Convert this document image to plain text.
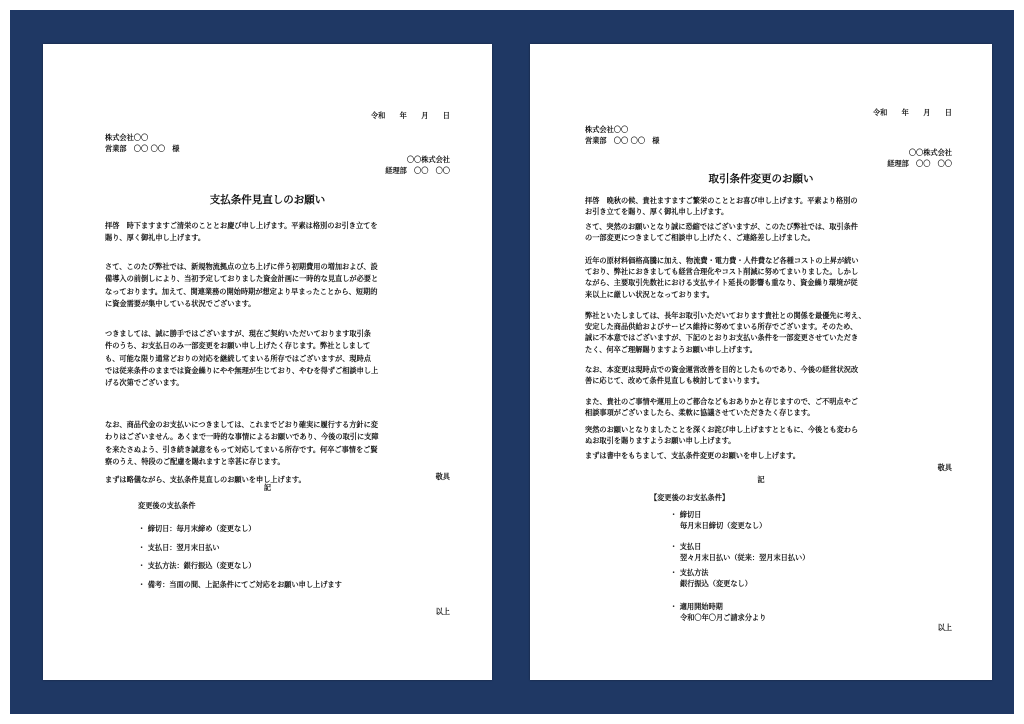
令和　　年　　月　　日

株式会社〇〇

営業部　〇〇 〇〇　様

〇〇株式会社

経理部　〇〇　〇〇

支払条件見直しのお願い

拝啓　時下ますますご清栄のこととお慶び申し上げます。平素は格別のお引き立てを
賜り、厚く御礼申し上げます。
さて、このたび弊社では、新規物流拠点の立ち上げに伴う初期費用の増加および、設
備導入の前倒しにより、当初予定しておりました資金計画に一時的な見直しが必要と
なっております。加えて、関連業務の開始時期が想定より早まったことから、短期的
に資金需要が集中している状況でございます。
つきましては、誠に勝手ではございますが、現在ご契約いただいております取引条
件のうち、お支払日のみ一部変更をお願い申し上げたく存じます。弊社としまして
も、可能な限り通常どおりの対応を継続してまいる所存ではございますが、現時点
では従来条件のままでは資金繰りにやや無理が生じており、やむを得ずご相談申し上
げる次第でございます。
なお、商品代金のお支払いにつきましては、これまでどおり確実に履行する方針に変
わりはございません。あくまで一時的な事情によるお願いであり、今後の取引に支障
を来たさぬよう、引き続き誠意をもって対応してまいる所存です。何卒ご事情をご賢
察のうえ、特段のご配慮を賜れますと幸甚に存じます。
まずは略儀ながら、支払条件見直しのお願いを申し上げます。	敬具

記

変更後の支払条件

・ 締切日：毎月末締め（変更なし）

・ 支払日：翌月末日払い

・ 支払方法：銀行振込（変更なし）

・ 備考：当面の間、上記条件にてご対応をお願い申し上げます

以上

令和　　年　　月　　日

株式会社〇〇

営業部　〇〇 〇〇　様

〇〇株式会社

経理部　〇〇　〇〇

取引条件変更のお願い

拝啓　晩秋の候、貴社ますますご繁栄のこととお喜び申し上げます。平素より格別の
お引き立てを賜り、厚く御礼申し上げます。
さて、突然のお願いとなり誠に恐縮ではございますが、このたび弊社では、取引条件
の一部変更につきましてご相談申し上げたく、ご連絡差し上げました。
近年の原材料価格高騰に加え、物流費・電力費・人件費など各種コストの上昇が続い
ており、弊社におきましても経営合理化やコスト削減に努めてまいりました。しかし
ながら、主要取引先数社における支払サイト延長の影響も重なり、資金繰り環境が従
来以上に厳しい状況となっております。
弊社といたしましては、長年お取引いただいております貴社との関係を最優先に考え、
安定した商品供給およびサービス維持に努めてまいる所存でございます。そのため、
誠に不本意ではございますが、下記のとおりお支払い条件を一部変更させていただき
たく、何卒ご理解賜りますようお願い申し上げます。
なお、本変更は現時点での資金運営改善を目的としたものであり、今後の経営状況改
善に応じて、改めて条件見直しも検討してまいります。
また、貴社のご事情や運用上のご都合などもおありかと存じますので、ご不明点やご
相談事項がございましたら、柔軟に協議させていただきたく存じます。
突然のお願いとなりましたことを深くお詫び申し上げますとともに、今後とも変わら
ぬお取引を賜りますようお願い申し上げます。
まずは書中をもちまして、支払条件変更のお願いを申し上げます。

敬具

記

【変更後のお支払条件】

・ 締切日
毎月末日締切（変更なし）
・ 支払日
翌々月末日払い（従来：翌月末日払い）
・ 支払方法
銀行振込（変更なし）
・ 適用開始時期
令和〇年〇月ご請求分より

以上
